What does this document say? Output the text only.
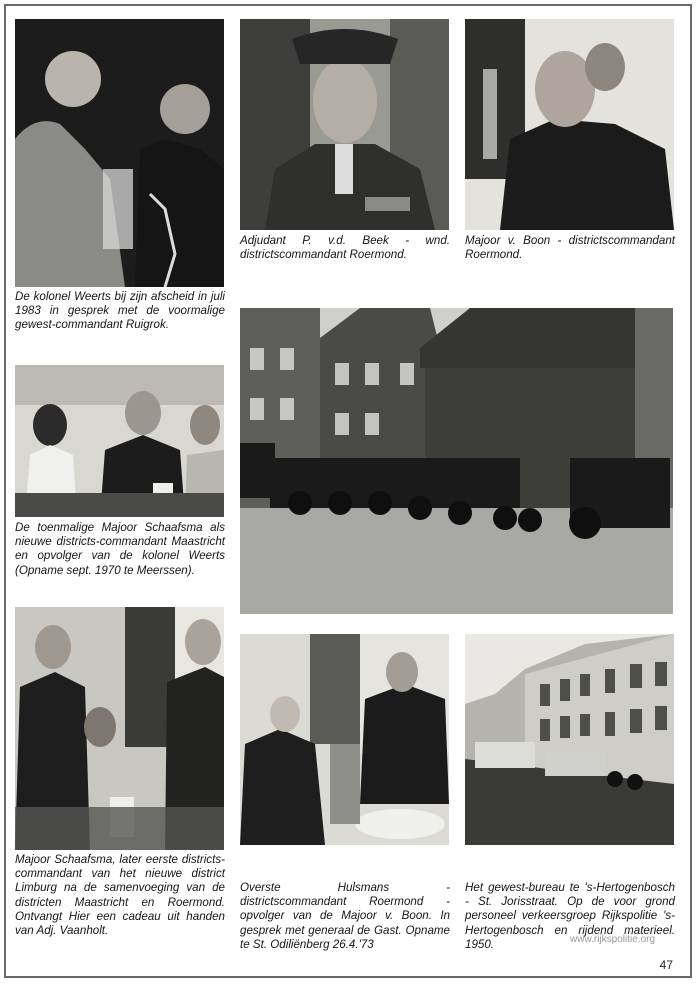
De kolonel Weerts bij zijn afscheid in juli 1983 in gesprek met de voormalige gewest-commandant Ruigrok.

Adjudant P. v.d. Beek - wnd. districtscommandant Roermond.

Majoor v. Boon - districtscommandant Roermond.

De toenmalige Majoor Schaafsma als nieuwe districts-commandant Maastricht en opvolger van de kolonel Weerts (Opname sept. 1970 te Meerssen).

Majoor Schaafsma, later eerste districts-commandant van het nieuwe district Limburg na de samenvoeging van de districten Maastricht en Roermond. Ontvangt Hier een cadeau uit handen van Adj. Vaanholt.

Overste Hulsmans - districtscommandant Roermond - opvolger van de Majoor v. Boon. In gesprek met generaal de Gast. Opname te St. Odiliënberg 26.4.'73

Het gewest-bureau te 's-Hertogenbosch - St. Jorisstraat. Op de voor grond personeel verkeersgroep Rijkspolitie 's-Hertogenbosch en rijdend materieel. 1950.	www.rijkspolitie.org
47
